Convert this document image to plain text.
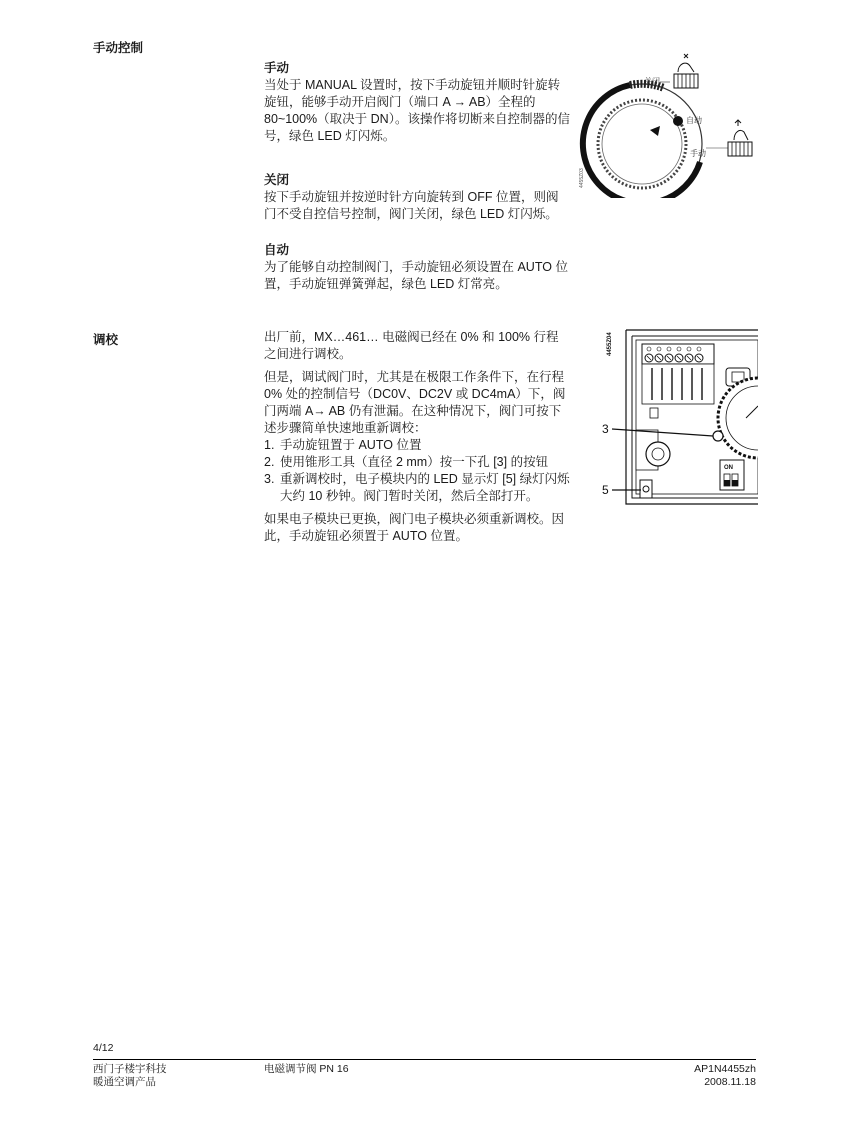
手动控制
手动

当处于 MANUAL 设置时，按下手动旋钮并顺时针旋转旋钮，能够手动开启阀门（端口 A → AB）全程的 80~100%（取决于 DN）。该操作将切断来自控制器的信号，绿色 LED 灯闪烁。

关闭

按下手动旋钮并按逆时针方向旋转到 OFF 位置，则阀门不受自控信号控制，阀门关闭，绿色 LED 灯闪烁。

自动

为了能够自动控制阀门，手动旋钮必须设置在 AUTO 位置，手动旋钮弹簧弹起，绿色 LED 灯常亮。

关闭
自动
手动
4455Z03
调校	出厂前，MX…461… 电磁阀已经在 0% 和 100% 行程之间进行调校。

但是，调试阀门时，尤其是在极限工作条件下，在行程 0% 处的控制信号（DC0V、DC2V 或 DC4mA）下，阀门两端 A→ AB 仍有泄漏。在这种情况下，阀门可按下述步骤简单快速地重新调校：

1. 手动旋钮置于 AUTO 位置
2. 使用锥形工具（直径 2 mm）按一下孔 [3] 的按钮
3. 重新调校时，电子模块内的 LED 显示灯 [5] 绿灯闪烁大约 10 秒钟。阀门暂时关闭，然后全部打开。

如果电子模块已更换，阀门电子模块必须重新调校。因此，手动旋钮必须置于 AUTO 位置。

ON
3
5
4455Z04
4/12
西门子楼宇科技
暖通空调产品
电磁调节阀 PN 16	AP1N4455zh
2008.11.18
